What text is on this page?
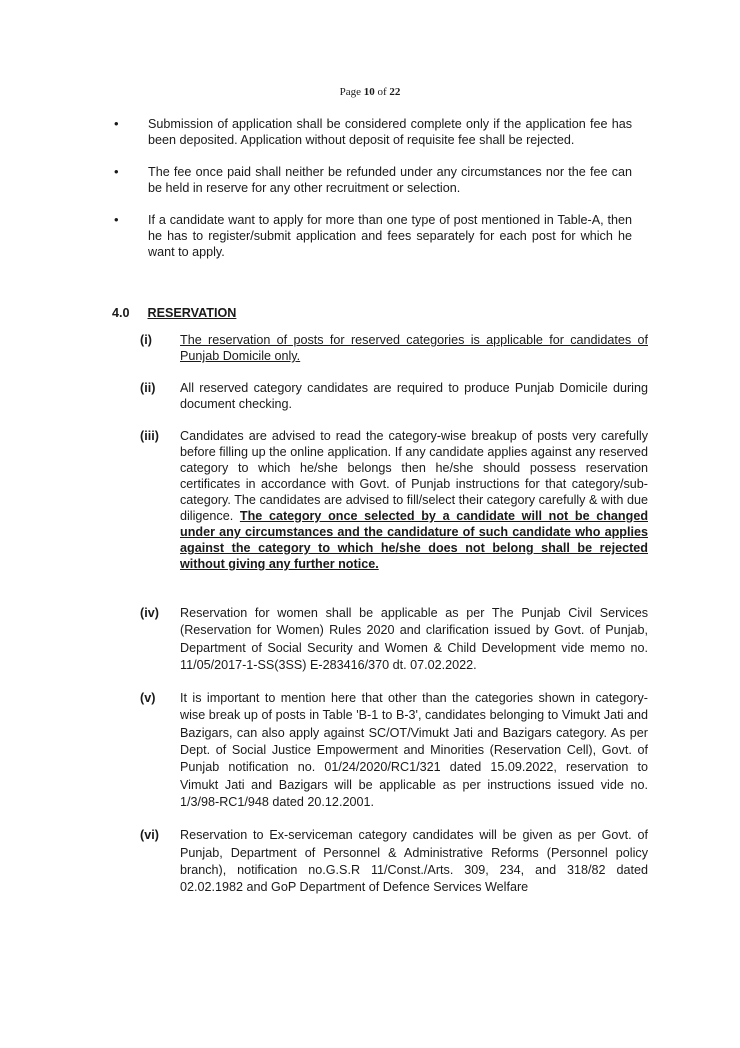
Page 10 of 22
• Submission of application shall be considered complete only if the application fee has been deposited. Application without deposit of requisite fee shall be rejected.
• The fee once paid shall neither be refunded under any circumstances nor the fee can be held in reserve for any other recruitment or selection.
• If a candidate want to apply for more than one type of post mentioned in Table-A, then he has to register/submit application and fees separately for each post for which he want to apply.
4.0 RESERVATION
(i)	The reservation of posts for reserved categories is applicable for candidates of Punjab Domicile only.
(ii)	All reserved category candidates are required to produce Punjab Domicile during document checking.
(iii)	Candidates are advised to read the category-wise breakup of posts very carefully before filling up the online application. If any candidate applies against any reserved category to which he/she belongs then he/she should possess reservation certificates in accordance with Govt. of Punjab instructions for that category/sub-category. The candidates are advised to fill/select their category carefully & with due diligence. The category once selected by a candidate will not be changed under any circumstances and the candidature of such candidate who applies against the category to which he/she does not belong shall be rejected without giving any further notice.
(iv)	Reservation for women shall be applicable as per The Punjab Civil Services (Reservation for Women) Rules 2020 and clarification issued by Govt. of Punjab, Department of Social Security and Women & Child Development vide memo no. 11/05/2017-1-SS(3SS) E-283416/370 dt. 07.02.2022.
(v)	It is important to mention here that other than the categories shown in category-wise break up of posts in Table 'B-1 to B-3', candidates belonging to Vimukt Jati and Bazigars, can also apply against SC/OT/Vimukt Jati and Bazigars category. As per Dept. of Social Justice Empowerment and Minorities (Reservation Cell), Govt. of Punjab notification no. 01/24/2020/RC1/321 dated 15.09.2022, reservation to Vimukt Jati and Bazigars will be applicable as per instructions issued vide no. 1/3/98-RC1/948 dated 20.12.2001.
(vi)	Reservation to Ex-serviceman category candidates will be given as per Govt. of Punjab, Department of Personnel & Administrative Reforms (Personnel policy branch), notification no.G.S.R 11/Const./Arts. 309, 234, and 318/82 dated 02.02.1982 and GoP Department of Defence Services Welfare
